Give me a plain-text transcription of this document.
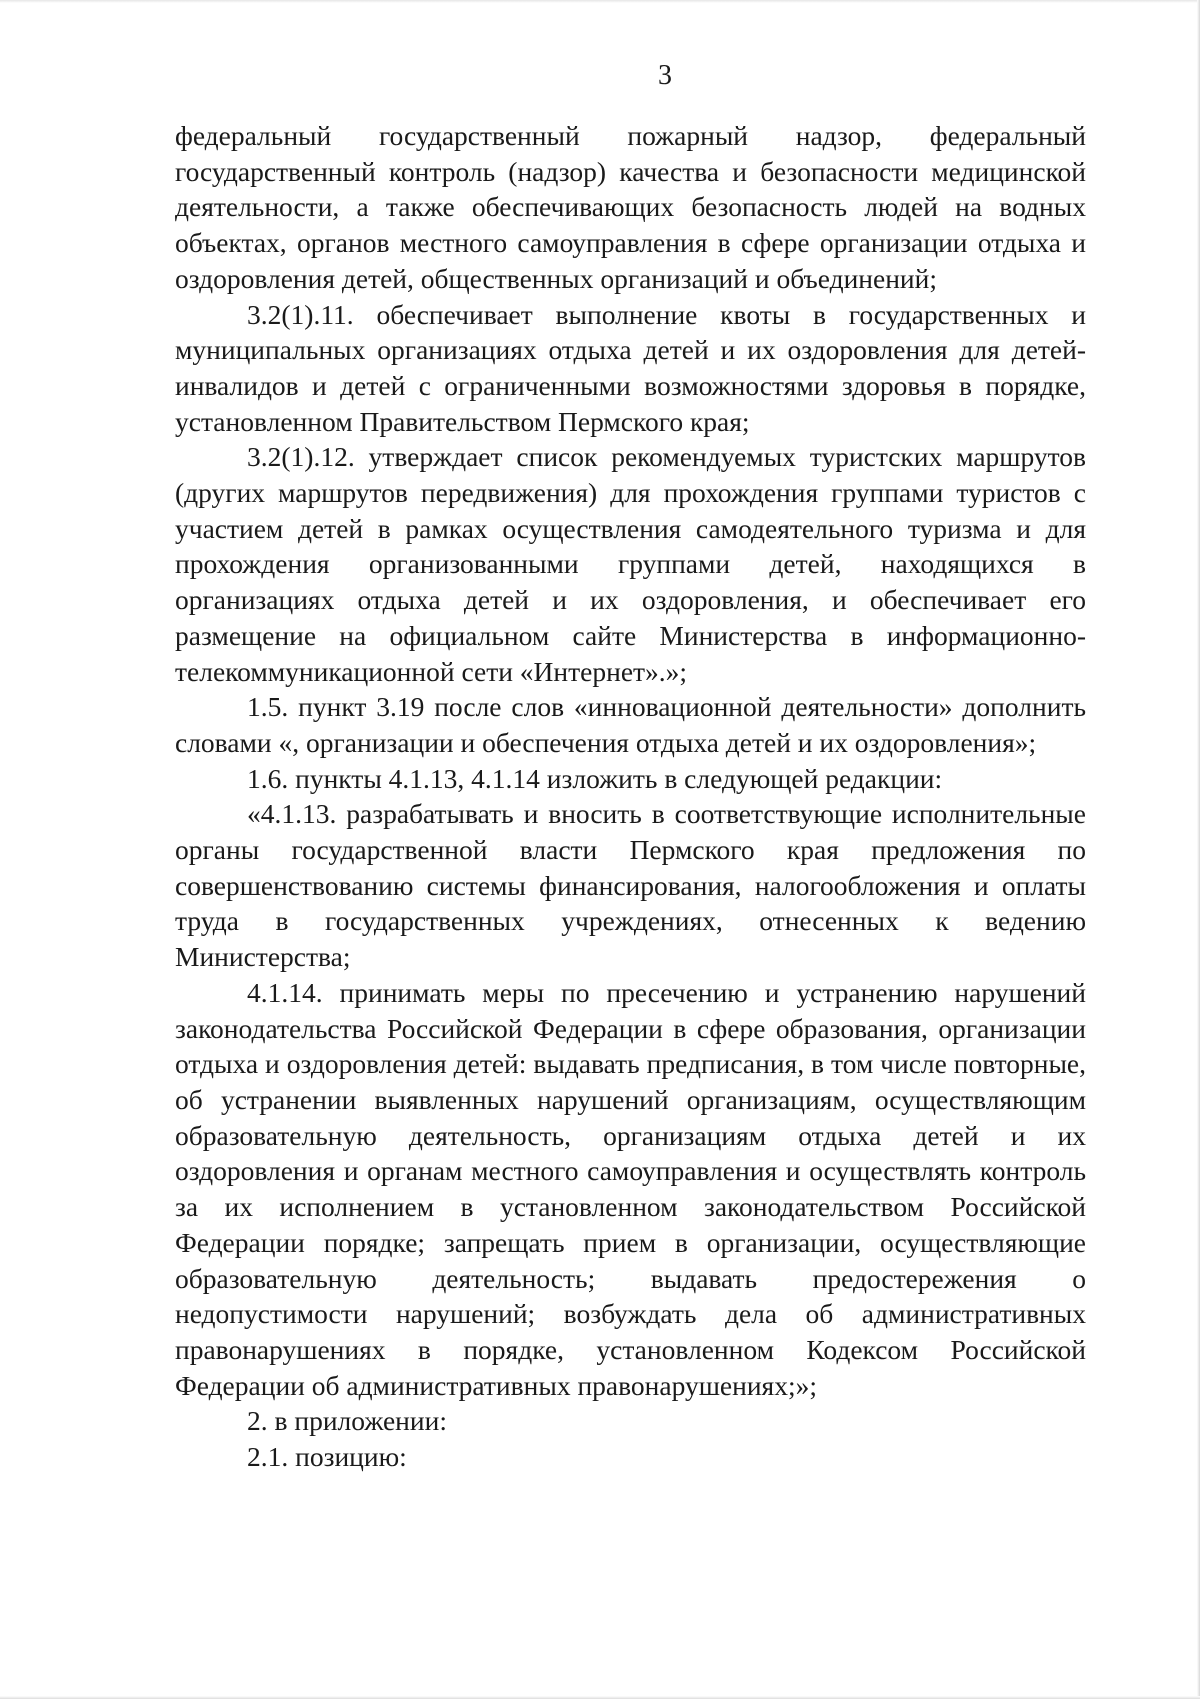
3

федеральный государственный пожарный надзор, федеральный государственный контроль (надзор) качества и безопасности медицинской деятельности, а также обеспечивающих безопасность людей на водных объектах, органов местного самоуправления в сфере организации отдыха и оздоровления детей, общественных организаций и объединений;

3.2(1).11. обеспечивает выполнение квоты в государственных и муниципальных организациях отдыха детей и их оздоровления для детей-инвалидов и детей с ограниченными возможностями здоровья в порядке, установленном Правительством Пермского края;

3.2(1).12. утверждает список рекомендуемых туристских маршрутов (других маршрутов передвижения) для прохождения группами туристов с участием детей в рамках осуществления самодеятельного туризма и для прохождения организованными группами детей, находящихся в организациях отдыха детей и их оздоровления, и обеспечивает его размещение на официальном сайте Министерства в информационно-телекоммуникационной сети «Интернет».»;

1.5. пункт 3.19 после слов «инновационной деятельности» дополнить словами «, организации и обеспечения отдыха детей и их оздоровления»;

1.6. пункты 4.1.13, 4.1.14 изложить в следующей редакции:

«4.1.13. разрабатывать и вносить в соответствующие исполнительные органы государственной власти Пермского края предложения по совершенствованию системы финансирования, налогообложения и оплаты труда в государственных учреждениях, отнесенных к ведению Министерства;

4.1.14. принимать меры по пресечению и устранению нарушений законодательства Российской Федерации в сфере образования, организации отдыха и оздоровления детей: выдавать предписания, в том числе повторные, об устранении выявленных нарушений организациям, осуществляющим образовательную деятельность, организациям отдыха детей и их оздоровления и органам местного самоуправления и осуществлять контроль за их исполнением в установленном законодательством Российской Федерации порядке; запрещать прием в организации, осуществляющие образовательную деятельность; выдавать предостережения о недопустимости нарушений; возбуждать дела об административных правонарушениях в порядке, установленном Кодексом Российской Федерации об административных правонарушениях;»;

2. в приложении:

2.1. позицию:
